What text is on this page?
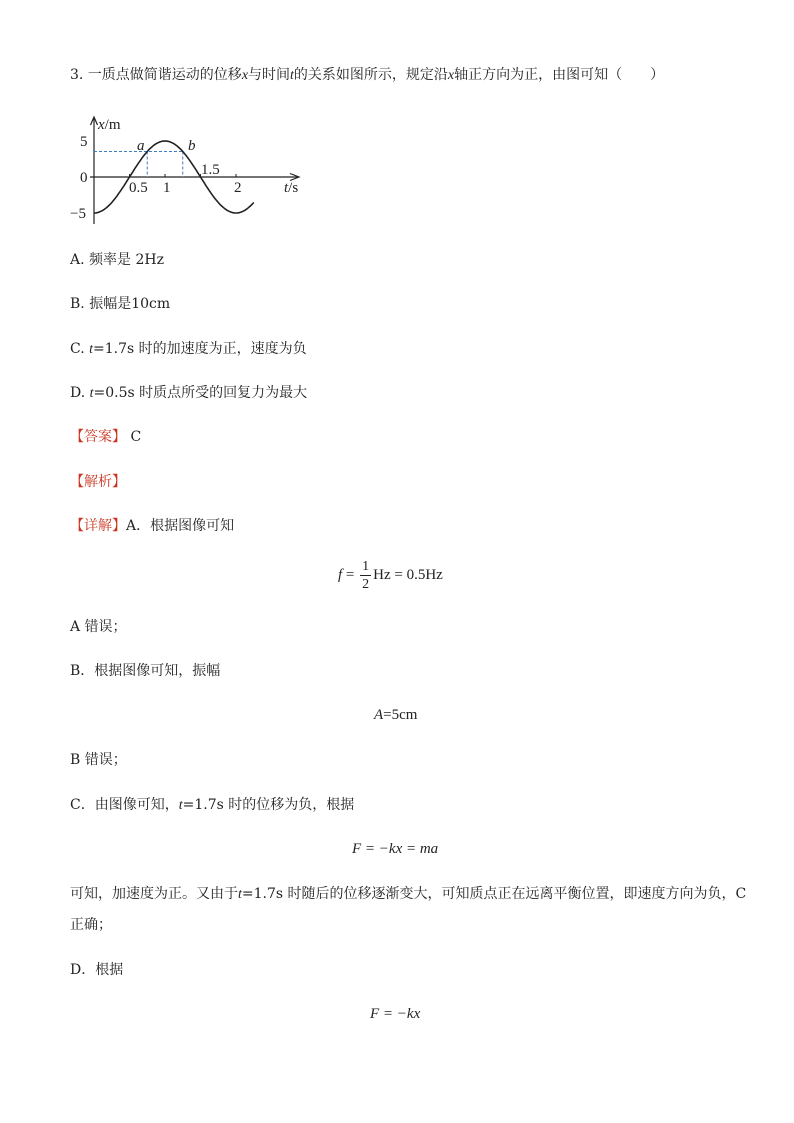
3. 一质点做简谐运动的位移x与时间t的关系如图所示，规定沿x轴正方向为正，由图可知（　　）
x/m
t/s
5
0
−5
0.5 1
1.5
2
a	b
A. 频率是 2Hz
B. 振幅是10cm
C. t=1.7s 时的加速度为正，速度为负
D. t=0.5s 时质点所受的回复力为最大
【答案】 C
【解析】
【详解】A．根据图像可知
$f = \frac{1}{2}$ Hz = 0.5Hz
A 错误；
B．根据图像可知，振幅
A=5cm
B 错误；
C．由图像可知，t=1.7s 时的位移为负，根据
F = −kx = ma
可知，加速度为正。又由于t=1.7s 时随后的位移逐渐变大，可知质点正在远离平衡位置，即速度方向为负，C
正确；
D．根据
F = −kx
